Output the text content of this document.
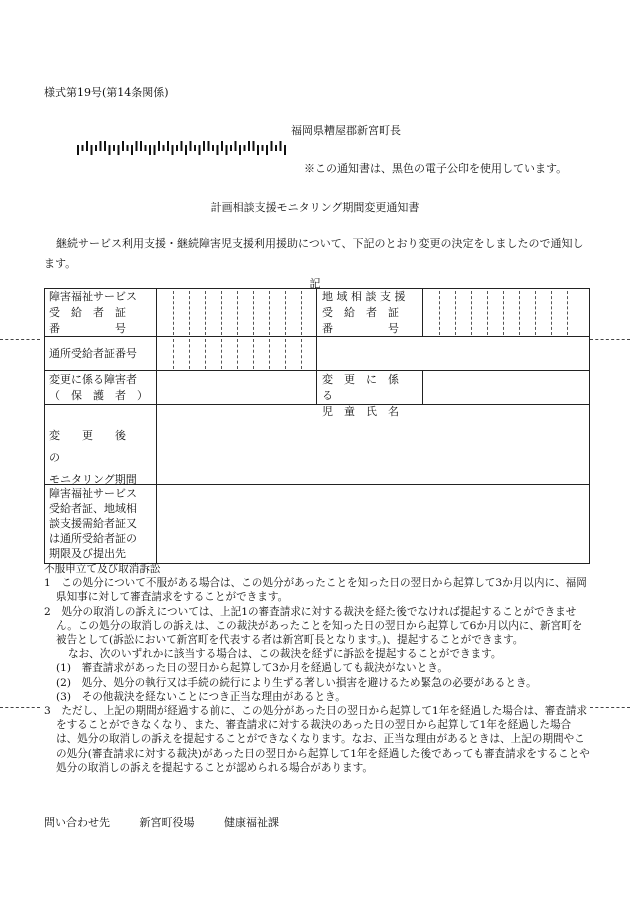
様式第19号(第14条関係)
福岡県糟屋郡新宮町長
※この通知書は、黒色の電子公印を使用しています。
計画相談支援モニタリング期間変更通知書
継続サービス利用支援・継続障害児支援利用援助について、下記のとおり変更の決定をしましたので通知します。
記
障害福祉サービス
受　給　者　証
番　　　　　号
地 域 相 談 支 援
受　給　者　証
番　　　　　号
通所受給者証番号
変更に係る障害者
（　保　護　者　）
変　更　に　係　る
児　童　氏　名
変　　更　　後　　の
モニタリング期間
障害福祉サービス
受給者証、地域相
談支援需給者証又
は通所受給者証の
期限及び提出先

不服申立て及び取消訴訟

1　この処分について不服がある場合は、この処分があったことを知った日の翌日から起算して3か月以内に、福岡県知事に対して審査請求をすることができます。

2　処分の取消しの訴えについては、上記1の審査請求に対する裁決を経た後でなければ提起することができません。この処分の取消しの訴えは、この裁決があったことを知った日の翌日から起算して6か月以内に、新宮町を被告として(訴訟において新宮町を代表する者は新宮町長となります。)、提起することができます。

なお、次のいずれかに該当する場合は、この裁決を経ずに訴訟を提起することができます。

(1)　審査請求があった日の翌日から起算して3か月を経過しても裁決がないとき。

(2)　処分、処分の執行又は手続の続行により生ずる著しい損害を避けるため緊急の必要があるとき。

(3)　その他裁決を経ないことにつき正当な理由があるとき。

3　ただし、上記の期間が経過する前に、この処分があった日の翌日から起算して1年を経過した場合は、審査請求をすることができなくなり、また、審査請求に対する裁決のあった日の翌日から起算して1年を経過した場合は、処分の取消しの訴えを提起することができなくなります。なお、正当な理由があるときは、上記の期間やこの処分(審査請求に対する裁決)があった日の翌日から起算して1年を経過した後であっても審査請求をすることや処分の取消しの訴えを提起することが認められる場合があります。

問い合わせ先	新宮町役場	健康福祉課
